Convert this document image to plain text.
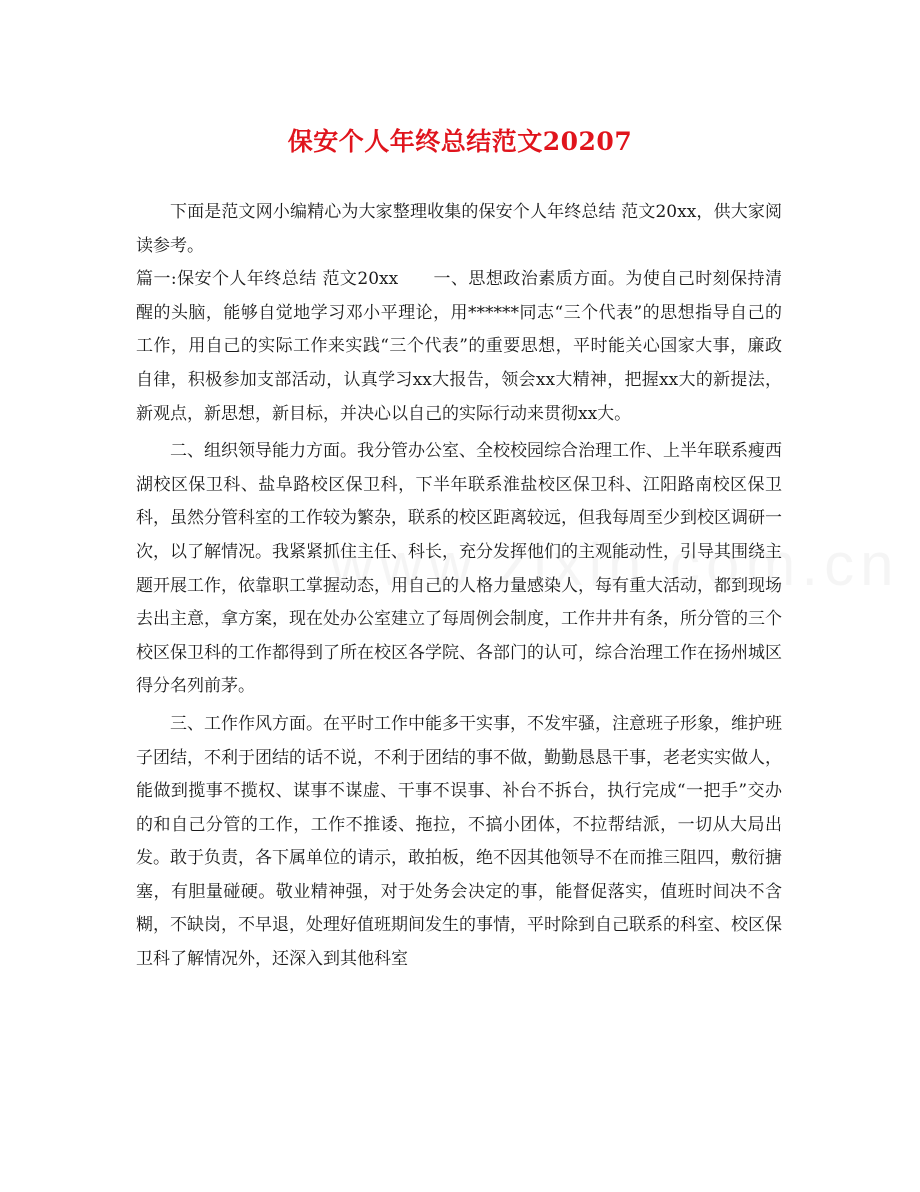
保安个人年终总结范文20207

下面是范文网小编精心为大家整理收集的保安个人年终总结 范文20xx，供大家阅读参考。

篇一:保安个人年终总结 范文20xx　　一、思想政治素质方面。为使自己时刻保持清醒的头脑，能够自觉地学习邓小平理论，用******同志“三个代表”的思想指导自己的工作，用自己的实际工作来实践“三个代表”的重要思想，平时能关心国家大事，廉政自律，积极参加支部活动，认真学习xx大报告，领会xx大精神，把握xx大的新提法，新观点，新思想，新目标，并决心以自己的实际行动来贯彻xx大。

二、组织领导能力方面。我分管办公室、全校校园综合治理工作、上半年联系瘦西湖校区保卫科、盐阜路校区保卫科，下半年联系淮盐校区保卫科、江阳路南校区保卫科，虽然分管科室的工作较为繁杂，联系的校区距离较远，但我每周至少到校区调研一次，以了解情况。我紧紧抓住主任、科长，充分发挥他们的主观能动性，引导其围绕主题开展工作，依靠职工掌握动态，用自己的人格力量感染人，每有重大活动，都到现场去出主意，拿方案，现在处办公室建立了每周例会制度，工作井井有条，所分管的三个校区保卫科的工作都得到了所在校区各学院、各部门的认可，综合治理工作在扬州城区得分名列前茅。

三、工作作风方面。在平时工作中能多干实事，不发牢骚，注意班子形象，维护班子团结，不利于团结的话不说，不利于团结的事不做，勤勤恳恳干事，老老实实做人，能做到揽事不揽权、谋事不谋虚、干事不误事、补台不拆台，执行完成“一把手”交办的和自己分管的工作，工作不推诿、拖拉，不搞小团体，不拉帮结派，一切从大局出发。敢于负责，各下属单位的请示，敢拍板，绝不因其他领导不在而推三阻四，敷衍搪塞，有胆量碰硬。敬业精神强，对于处务会决定的事，能督促落实，值班时间决不含糊，不缺岗，不早退，处理好值班期间发生的事情，平时除到自己联系的科室、校区保卫科了解情况外，还深入到其他科室
